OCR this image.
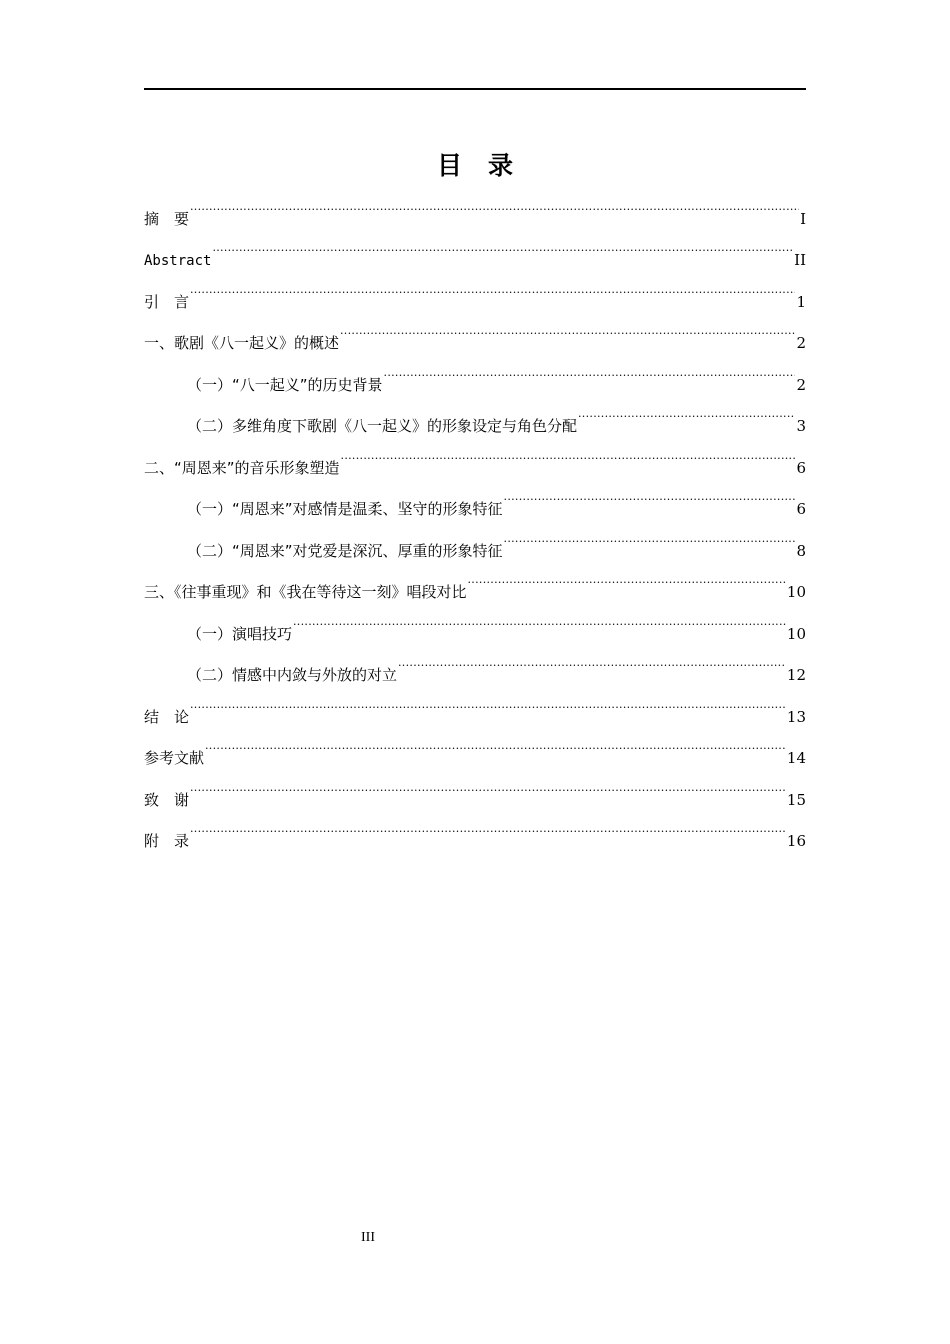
目 录
摘　要 .....	I
Abstract .....	II
引　言 .....	1
一、歌剧《八一起义》的概述 .....	2
（一）“八一起义”的历史背景 .....	2
（二）多维角度下歌剧《八一起义》的形象设定与角色分配 .....	3
二、“周恩来”的音乐形象塑造 .....	6
（一）“周恩来”对感情是温柔、坚守的形象特征 .....	6
（二）“周恩来”对党爱是深沉、厚重的形象特征 .....	8
三、《往事重现》和《我在等待这一刻》唱段对比 .....	10
（一）演唱技巧 .....	10
（二）情感中内敛与外放的对立 .....	12
结　论 .....	13
参考文献 .....	14
致　谢 .....	15
附　录 .....	16
III
